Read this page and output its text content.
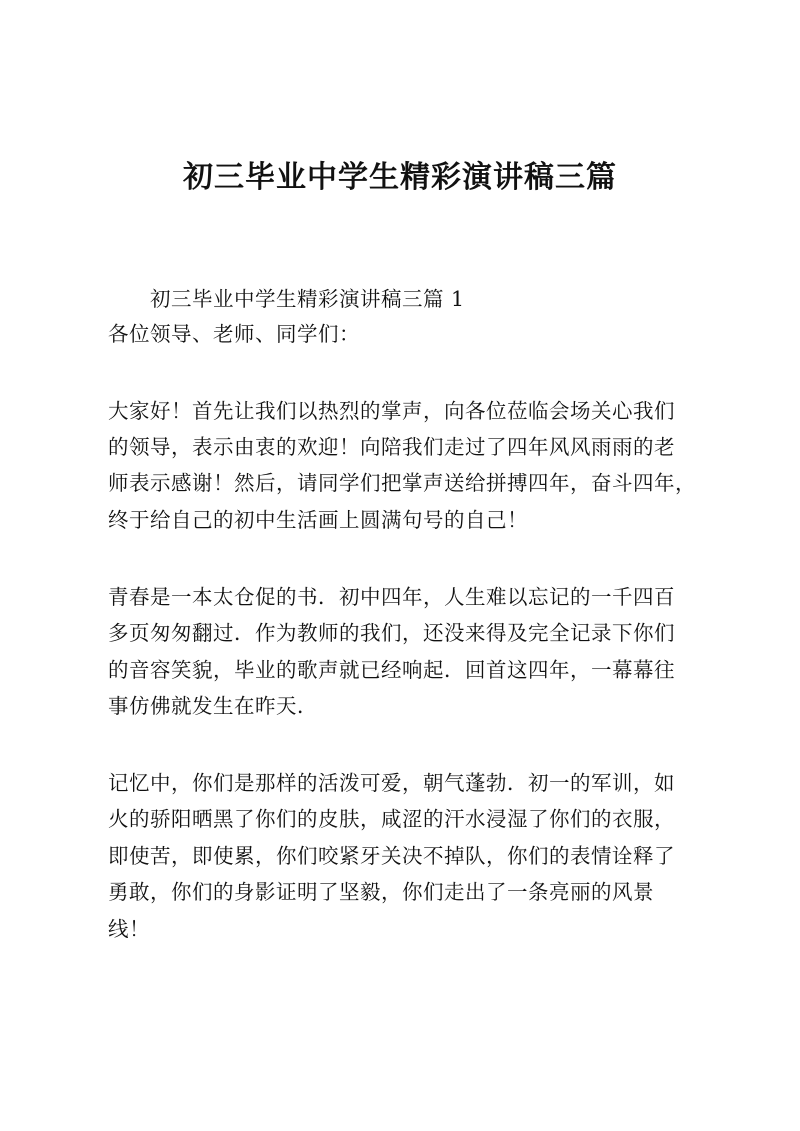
初三毕业中学生精彩演讲稿三篇
初三毕业中学生精彩演讲稿三篇 1
各位领导、老师、同学们：
大家好！首先让我们以热烈的掌声，向各位莅临会场关心我们
的领导，表示由衷的欢迎！向陪我们走过了四年风风雨雨的老
师表示感谢！然后，请同学们把掌声送给拼搏四年，奋斗四年，
终于给自己的初中生活画上圆满句号的自己！
青春是一本太仓促的书．初中四年，人生难以忘记的一千四百
多页匆匆翻过．作为教师的我们，还没来得及完全记录下你们
的音容笑貌，毕业的歌声就已经响起．回首这四年，一幕幕往
事仿佛就发生在昨天．
记忆中，你们是那样的活泼可爱，朝气蓬勃．初一的军训，如
火的骄阳晒黑了你们的皮肤，咸涩的汗水浸湿了你们的衣服，
即使苦，即使累，你们咬紧牙关决不掉队，你们的表情诠释了
勇敢，你们的身影证明了坚毅，你们走出了一条亮丽的风景
线！
